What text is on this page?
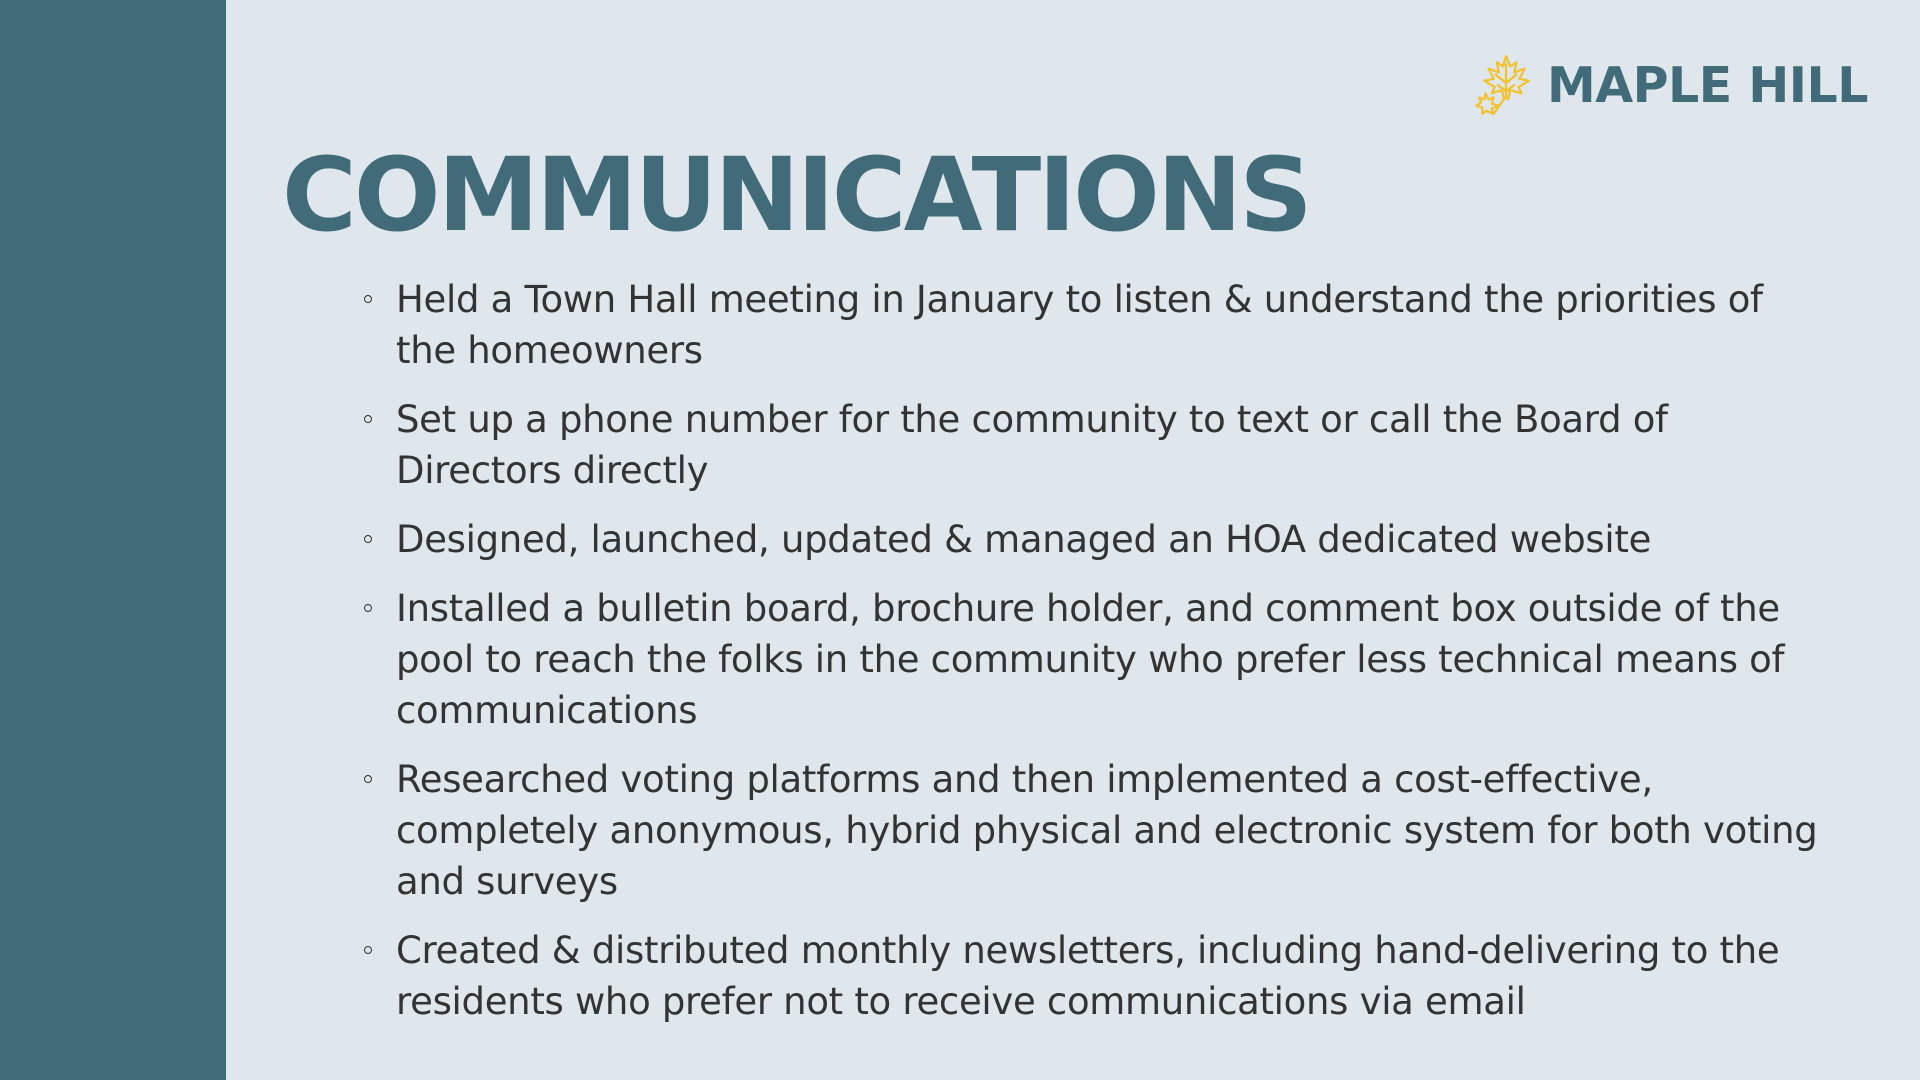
MAPLE HILL
COMMUNICATIONS
Held a Town Hall meeting in January to listen & understand the priorities of the homeowners
Set up a phone number for the community to text or call the Board of Directors directly
Designed, launched, updated & managed an HOA dedicated website
Installed a bulletin board, brochure holder, and comment box outside of the pool to reach the folks in the community who prefer less technical means of communications
Researched voting platforms and then implemented a cost-effective, completely anonymous, hybrid physical and electronic system for both voting and surveys
Created & distributed monthly newsletters, including hand-delivering to the residents who prefer not to receive communications via email
